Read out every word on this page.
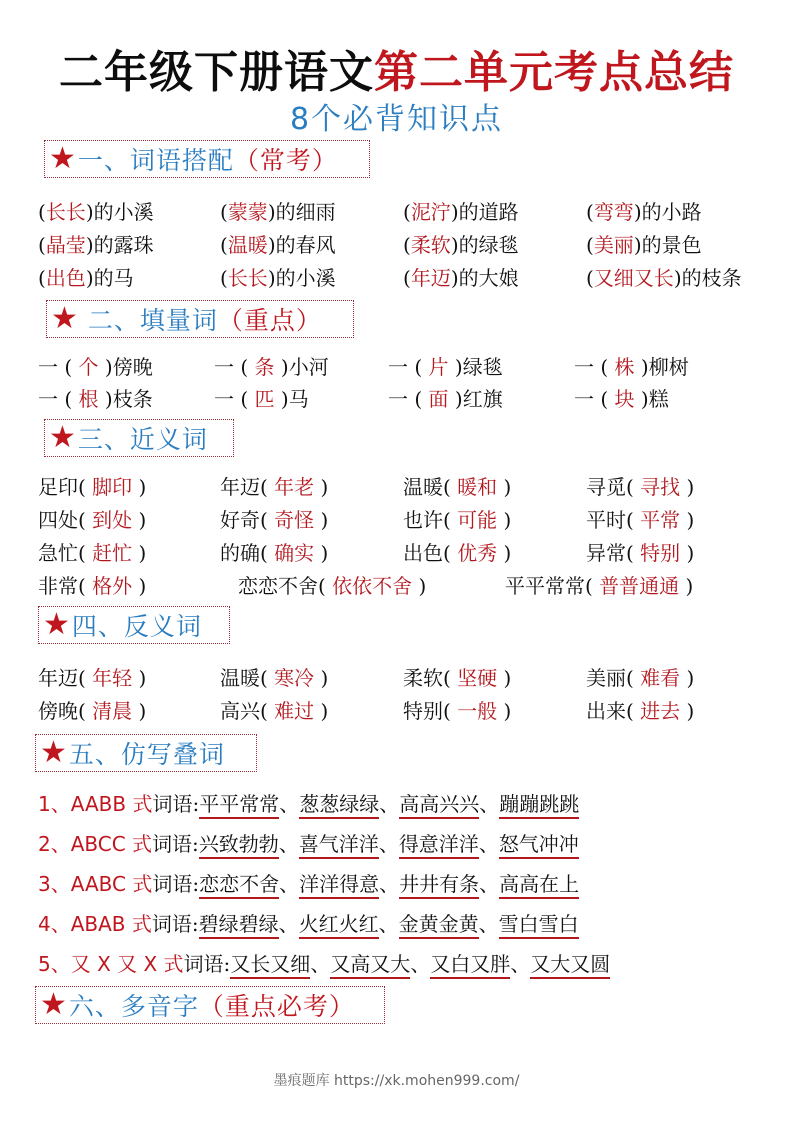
二年级下册语文第二单元考点总结
8个必背知识点
★ 一、词语搭配 （常考）
(长长)的小溪	(蒙蒙)的细雨	(泥泞)的道路	(弯弯)的小路
(晶莹)的露珠	(温暖)的春风	(柔软)的绿毯	(美丽)的景色
(出色)的马	(长长)的小溪	(年迈)的大娘	(又细又长)的枝条
★ 二、填量词 （重点）
一 ( 个 )傍晚	一 ( 条 )小河	一 ( 片 )绿毯	一 ( 株 )柳树
一 ( 根 )枝条	一 ( 匹 )马	一 ( 面 )红旗	一 ( 块 )糕
★ 三、近义词
足印( 脚印 )	年迈( 年老 )	温暖( 暖和 )	寻觅( 寻找 )
四处( 到处 )	好奇( 奇怪 )	也许( 可能 )	平时( 平常 )
急忙( 赶忙 )	的确( 确实 )	出色( 优秀 )	异常( 特别 )
非常( 格外 )	恋恋不舍( 依依不舍 )	平平常常( 普普通通 )
★ 四、反义词
年迈( 年轻 )	温暖( 寒冷 )	柔软( 坚硬 )	美丽( 难看 )
傍晚( 清晨 )	高兴( 难过 )	特别( 一般 )	出来( 进去 )
★ 五、仿写叠词
1、AABB 式词语:平平常常、葱葱绿绿、高高兴兴、蹦蹦跳跳
2、ABCC 式词语:兴致勃勃、喜气洋洋、得意洋洋、怒气冲冲
3、AABC 式词语:恋恋不舍、洋洋得意、井井有条、高高在上
4、ABAB 式词语:碧绿碧绿、火红火红、金黄金黄、雪白雪白
5、又 X 又 X 式词语:又长又细、又高又大、又白又胖、又大又圆
★ 六、多音字 （重点必考）
墨痕题库 https://xk.mohen999.com/
